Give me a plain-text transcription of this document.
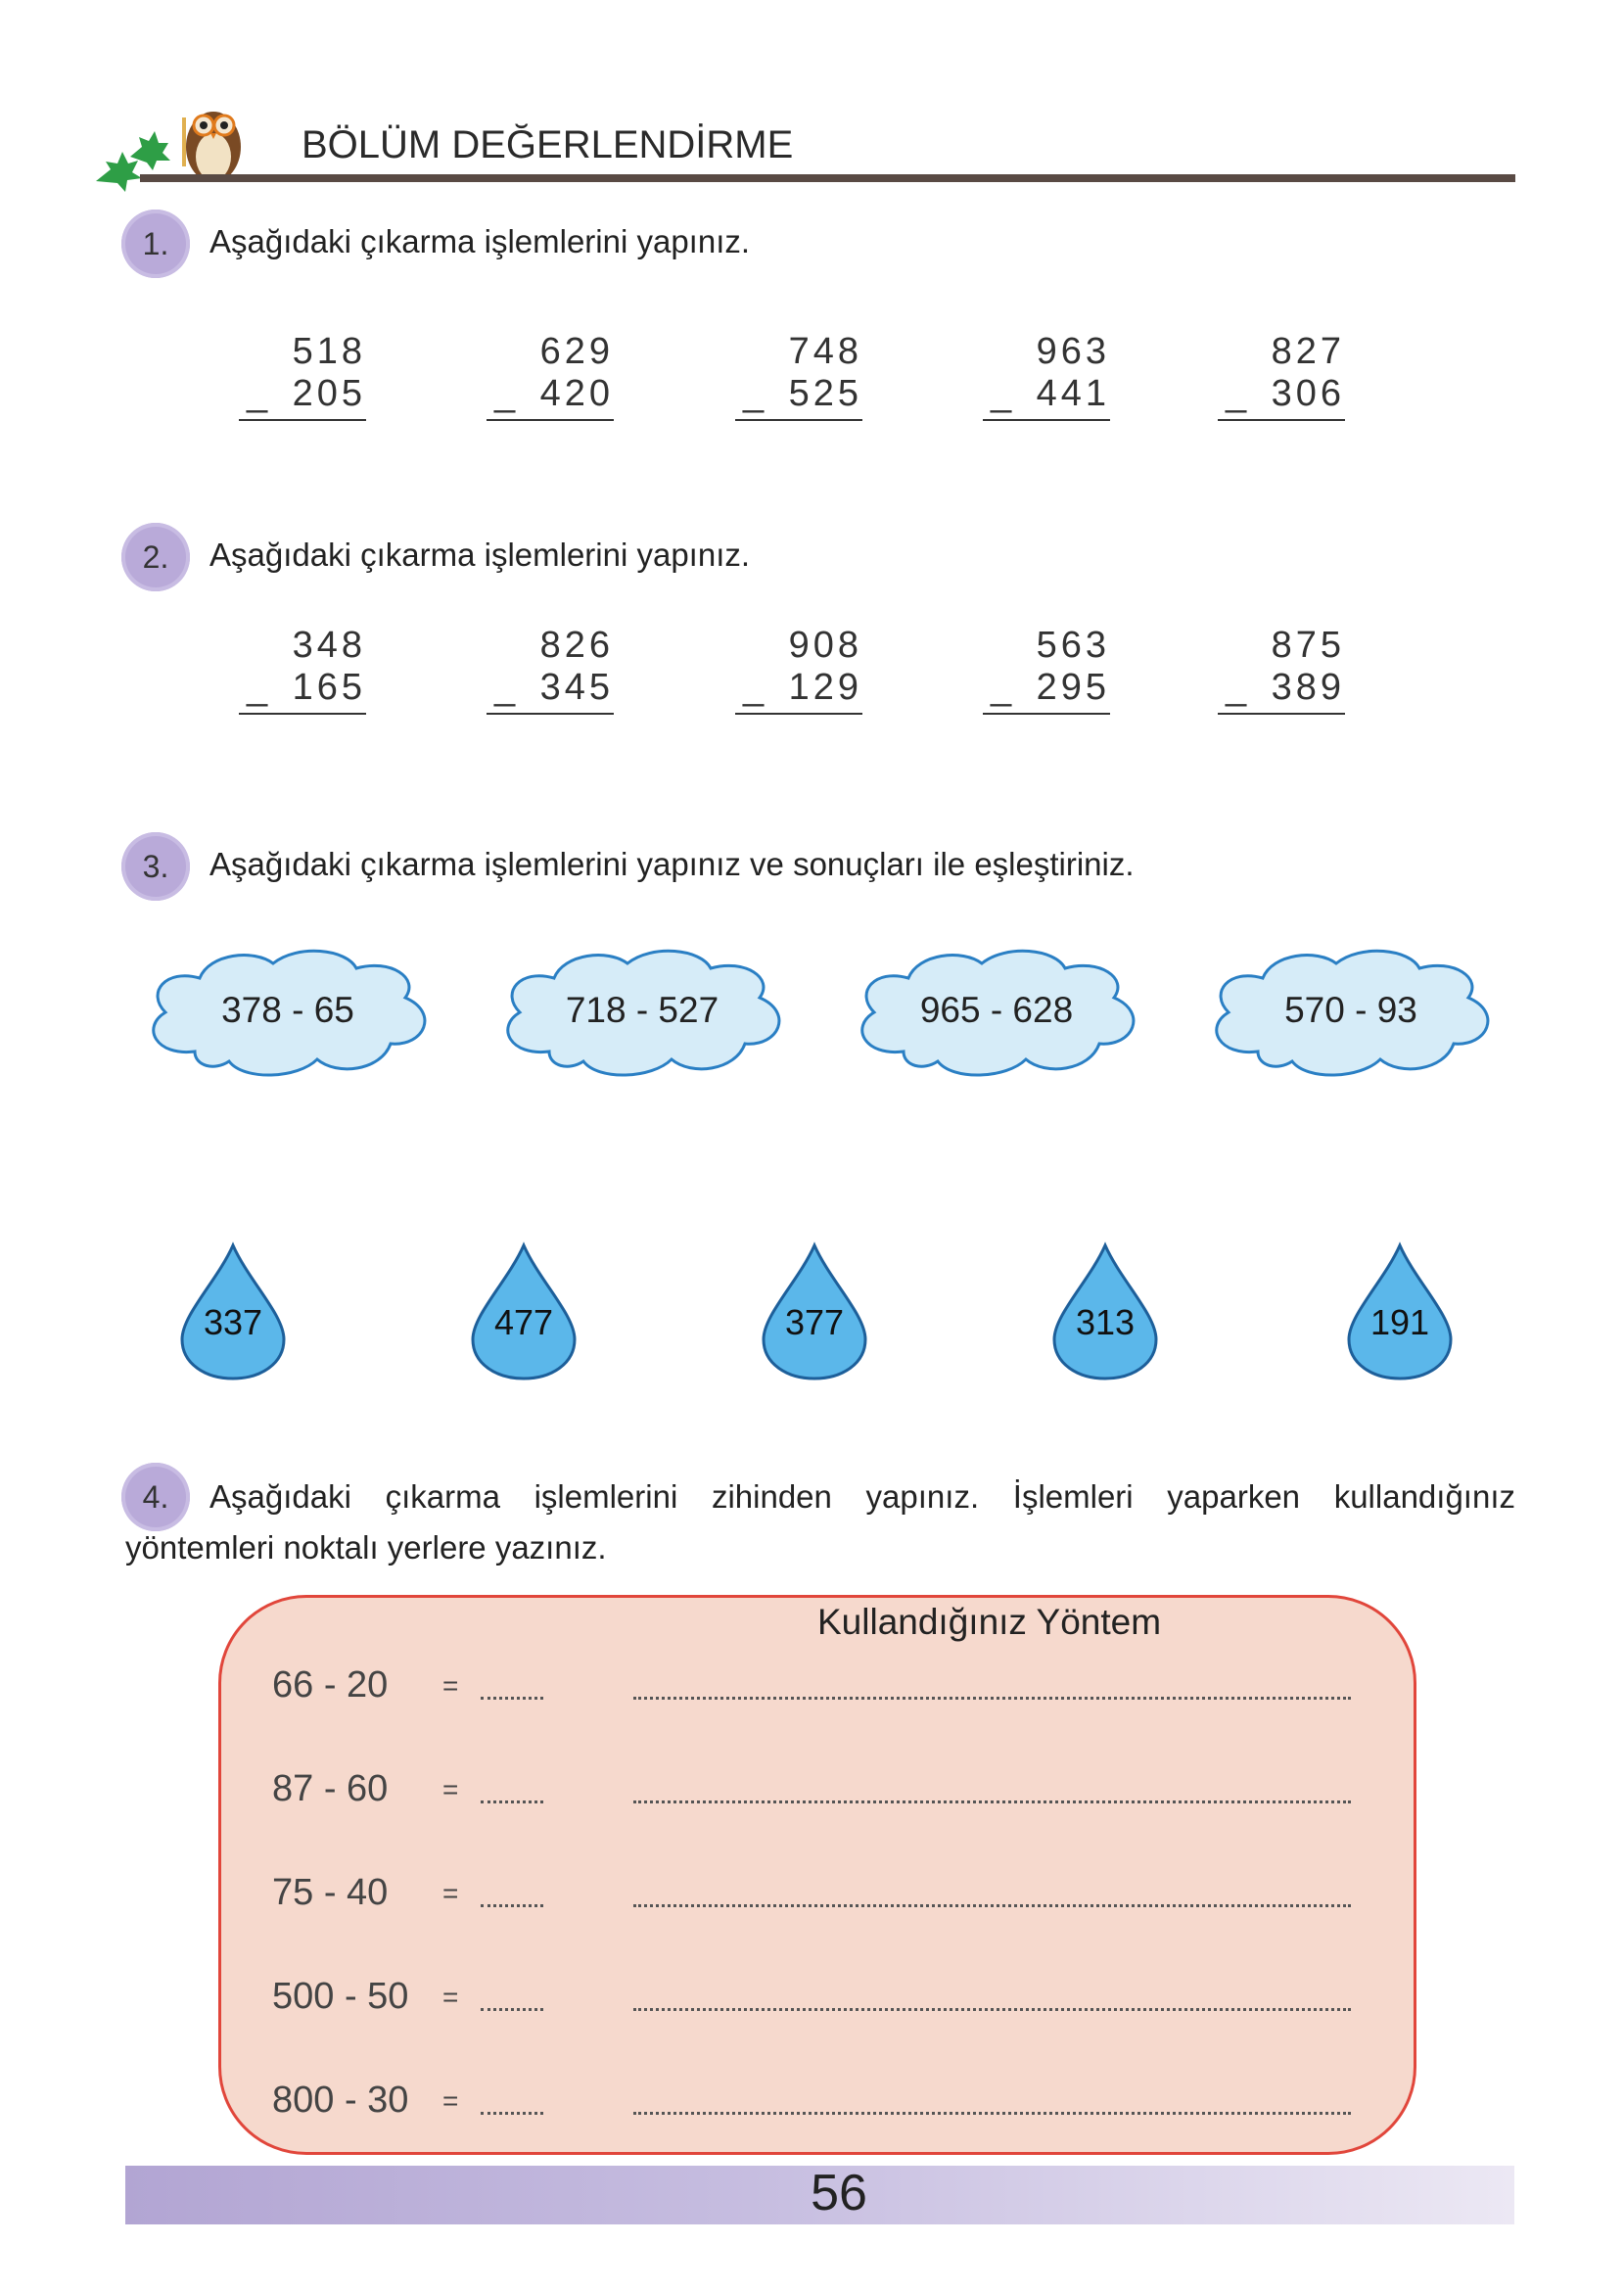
BÖLÜM DEĞERLENDİRME
1.	Aşağıdaki çıkarma işlemlerini yapınız.
2.	Aşağıdaki çıkarma işlemlerini yapınız.
3.	Aşağıdaki çıkarma işlemlerini yapınız ve sonuçları ile eşleştiriniz.
4.	Aşağıdaki çıkarma işlemlerini zihinden yapınız. İşlemleri yaparken kullandığınız
yöntemleri noktalı yerlere yazınız.
Kullandığınız Yöntem
56
518
_ 205
629
_ 420
748
_ 525
963
_ 441
827
_ 306
348
_ 165
826
_ 345
908
_ 129
563
_ 295
875
_ 389
378 - 65	718 - 527	965 - 628	570 - 93
337	477	377	313	191
66 - 20 =
87 - 60 =
75 - 40 =
500 - 50 =
800 - 30 =
